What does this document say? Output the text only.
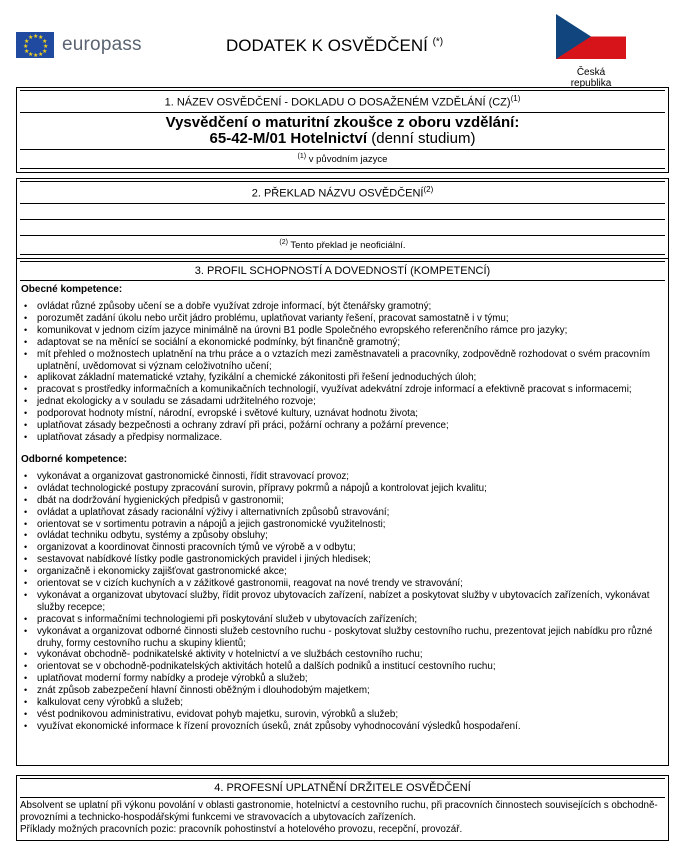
★ ★
★
★
★
★
★
★
★
★
★
★ europass	DODATEK K OSVĚDČENÍ (*)
Česká republika
1. NÁZEV OSVĚDČENÍ - DOKLADU O DOSAŽENÉM VZDĚLÁNÍ (CZ)$^{(1)}$
Vysvědčení o maturitní zkoušce z oboru vzdělání:
65-42-M/01 Hotelnictví (denní studium)
$^{(1)}$ v původním jazyce
2. PŘEKLAD NÁZVU OSVĚDČENÍ$^{(2)}$
$^{(2)}$ Tento překlad je neoficiální.
3. PROFIL SCHOPNOSTÍ A DOVEDNOSTÍ (KOMPETENCÍ)
Obecné kompetence:
• ovládat různé způsoby učení se a dobře využívat zdroje informací, být čtenářsky gramotný;
• porozumět zadání úkolu nebo určit jádro problému, uplatňovat varianty řešení, pracovat samostatně i v týmu;
• komunikovat v jednom cizím jazyce minimálně na úrovni B1 podle Společného evropského referenčního rámce pro jazyky;
• adaptovat se na měnící se sociální a ekonomické podmínky, být finančně gramotný;
• mít přehled o možnostech uplatnění na trhu práce a o vztazích mezi zaměstnavateli a pracovníky, zodpovědně rozhodovat o svém pracovním uplatnění, uvědomovat si význam celoživotního učení;
• aplikovat základní matematické vztahy, fyzikální a chemické zákonitosti při řešení jednoduchých úloh;
• pracovat s prostředky informačních a komunikačních technologií, využívat adekvátní zdroje informací a efektivně pracovat s informacemi;
• jednat ekologicky a v souladu se zásadami udržitelného rozvoje;
• podporovat hodnoty místní, národní, evropské i světové kultury, uznávat hodnotu života;
• uplatňovat zásady bezpečnosti a ochrany zdraví při práci, požární ochrany a požární prevence;
• uplatňovat zásady a předpisy normalizace.
Odborné kompetence:
• vykonávat a organizovat gastronomické činnosti, řídit stravovací provoz;
• ovládat technologické postupy zpracování surovin, přípravy pokrmů a nápojů a kontrolovat jejich kvalitu;
• dbát na dodržování hygienických předpisů v gastronomii;
• ovládat a uplatňovat zásady racionální výživy i alternativních způsobů stravování;
• orientovat se v sortimentu potravin a nápojů a jejich gastronomické využitelnosti;
• ovládat techniku odbytu, systémy a způsoby obsluhy;
• organizovat a koordinovat činnosti pracovních týmů ve výrobě a v odbytu;
• sestavovat nabídkové lístky podle gastronomických pravidel i jiných hledisek;
• organizačně i ekonomicky zajišťovat gastronomické akce;
• orientovat se v cizích kuchyních a v zážitkové gastronomii, reagovat na nové trendy ve stravování;
• vykonávat a organizovat ubytovací služby, řídit provoz ubytovacích zařízení, nabízet a poskytovat služby v ubytovacích zařízeních, vykonávat služby recepce;
• pracovat s informačními technologiemi při poskytování služeb v ubytovacích zařízeních;
• vykonávat a organizovat odborné činnosti služeb cestovního ruchu - poskytovat služby cestovního ruchu, prezentovat jejich nabídku pro různé druhy, formy cestovního ruchu a skupiny klientů;
• vykonávat obchodně- podnikatelské aktivity v hotelnictví a ve službách cestovního ruchu;
• orientovat se v obchodně-podnikatelských aktivitách hotelů a dalších podniků a institucí cestovního ruchu;
• uplatňovat moderní formy nabídky a prodeje výrobků a služeb;
• znát způsob zabezpečení hlavní činnosti oběžným i dlouhodobým majetkem;
• kalkulovat ceny výrobků a služeb;
• vést podnikovou administrativu, evidovat pohyb majetku, surovin, výrobků a služeb;
• využívat ekonomické informace k řízení provozních úseků, znát způsoby vyhodnocování výsledků hospodaření.
4. PROFESNÍ UPLATNĚNÍ DRŽITELE OSVĚDČENÍ
Absolvent se uplatní při výkonu povolání v oblasti gastronomie, hotelnictví a cestovního ruchu, při pracovních činnostech souvisejících s obchodně-provozními a technicko-hospodářskými funkcemi ve stravovacích a ubytovacích zařízeních.
Příklady možných pracovních pozic: pracovník pohostinství a hotelového provozu, recepční, provozář.
